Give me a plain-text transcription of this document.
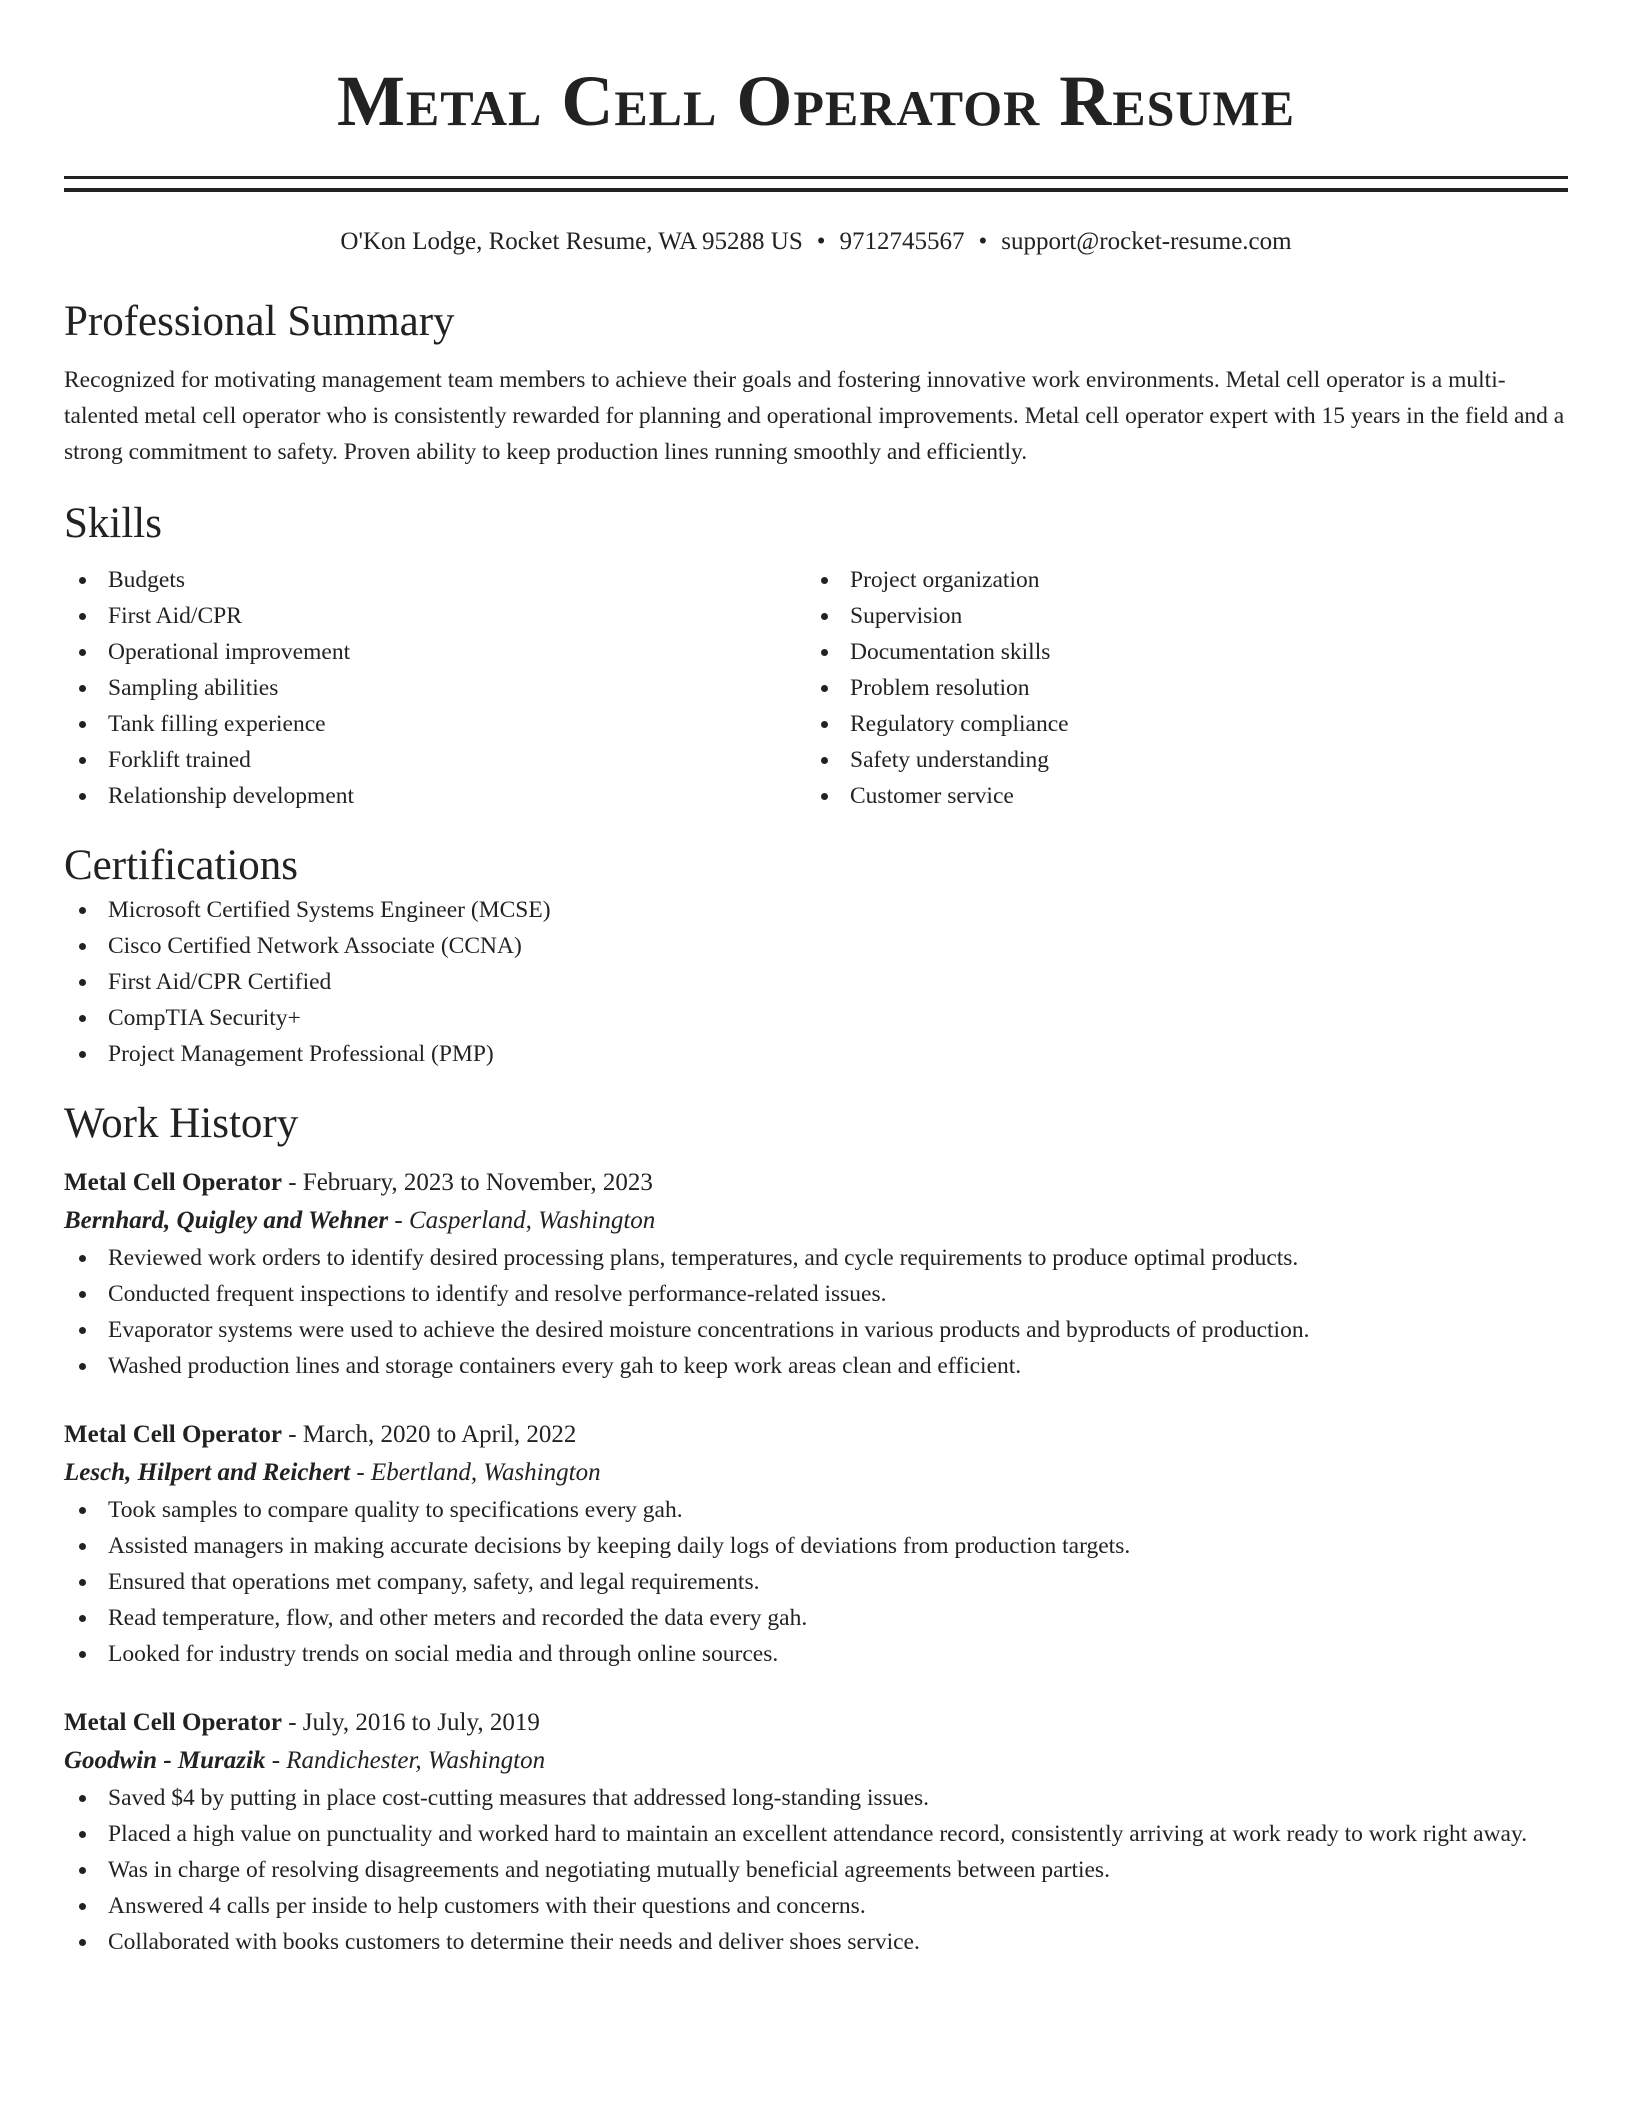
Metal Cell Operator Resume
O'Kon Lodge, Rocket Resume, WA 95288 US • 9712745567 • support@rocket-resume.com
Professional Summary

Recognized for motivating management team members to achieve their goals and fostering innovative work environments. Metal cell operator is a multi-talented metal cell operator who is consistently rewarded for planning and operational improvements. Metal cell operator expert with 15 years in the field and a strong commitment to safety. Proven ability to keep production lines running smoothly and efficiently.

Skills
Budgets
First Aid/CPR
Operational improvement
Sampling abilities
Tank filling experience
Forklift trained
Relationship development
Project organization
Supervision
Documentation skills
Problem resolution
Regulatory compliance
Safety understanding
Customer service
Certifications
Microsoft Certified Systems Engineer (MCSE)
Cisco Certified Network Associate (CCNA)
First Aid/CPR Certified
CompTIA Security+
Project Management Professional (PMP)
Work History
Metal Cell Operator - February, 2023 to November, 2023
Bernhard, Quigley and Wehner - Casperland, Washington
Reviewed work orders to identify desired processing plans, temperatures, and cycle requirements to produce optimal products.
Conducted frequent inspections to identify and resolve performance-related issues.
Evaporator systems were used to achieve the desired moisture concentrations in various products and byproducts of production.
Washed production lines and storage containers every gah to keep work areas clean and efficient.
Metal Cell Operator - March, 2020 to April, 2022
Lesch, Hilpert and Reichert - Ebertland, Washington
Took samples to compare quality to specifications every gah.
Assisted managers in making accurate decisions by keeping daily logs of deviations from production targets.
Ensured that operations met company, safety, and legal requirements.
Read temperature, flow, and other meters and recorded the data every gah.
Looked for industry trends on social media and through online sources.
Metal Cell Operator - July, 2016 to July, 2019
Goodwin - Murazik - Randichester, Washington
Saved $4 by putting in place cost-cutting measures that addressed long-standing issues.
Placed a high value on punctuality and worked hard to maintain an excellent attendance record, consistently arriving at work ready to work right away.
Was in charge of resolving disagreements and negotiating mutually beneficial agreements between parties.
Answered 4 calls per inside to help customers with their questions and concerns.
Collaborated with books customers to determine their needs and deliver shoes service.
